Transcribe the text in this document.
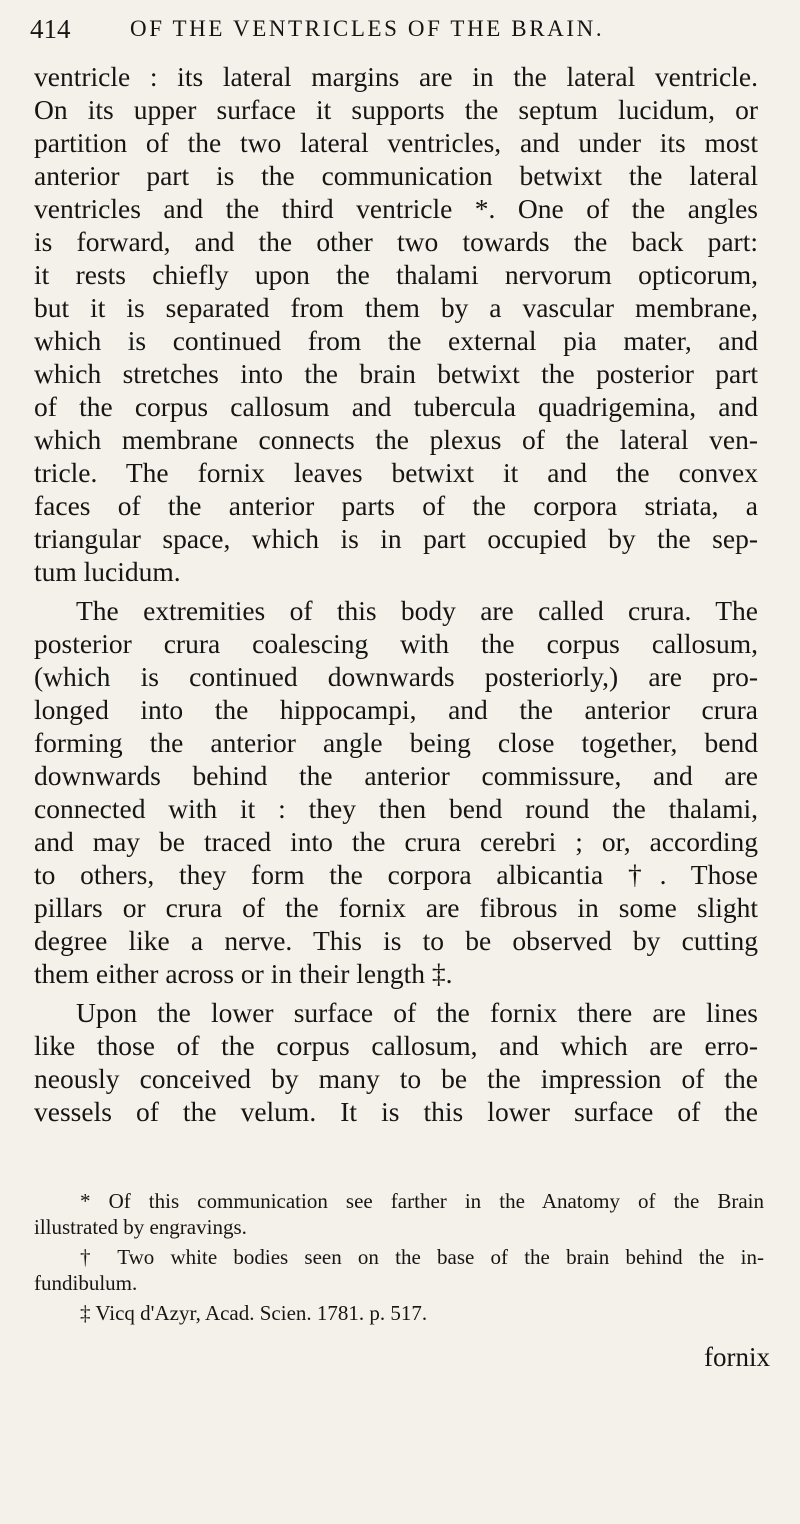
414	OF THE VENTRICLES OF THE BRAIN.
ventricle : its lateral margins are in the lateral ventricle.
On its upper surface it supports the septum lucidum, or
partition of the two lateral ventricles, and under its most
anterior part is the communication betwixt the lateral
ventricles and the third ventricle *. One of the angles
is forward, and the other two towards the back part:
it rests chiefly upon the thalami nervorum opticorum,
but it is separated from them by a vascular membrane,
which is continued from the external pia mater, and
which stretches into the brain betwixt the posterior part
of the corpus callosum and tubercula quadrigemina, and
which membrane connects the plexus of the lateral ven-
tricle. The fornix leaves betwixt it and the convex
faces of the anterior parts of the corpora striata, a
triangular space, which is in part occupied by the sep-
tum lucidum.
The extremities of this body are called crura. The
posterior crura coalescing with the corpus callosum,
(which is continued downwards posteriorly,) are pro-
longed into the hippocampi, and the anterior crura
forming the anterior angle being close together, bend
downwards behind the anterior commissure, and are
connected with it : they then bend round the thalami,
and may be traced into the crura cerebri ; or, according
to others, they form the corpora albicantia †. Those
pillars or crura of the fornix are fibrous in some slight
degree like a nerve. This is to be observed by cutting
them either across or in their length ‡.
Upon the lower surface of the fornix there are lines
like those of the corpus callosum, and which are erro-
neously conceived by many to be the impression of the
vessels of the velum. It is this lower surface of the
* Of this communication see farther in the Anatomy of the Brain
illustrated by engravings.
† Two white bodies seen on the base of the brain behind the in-
fundibulum.
‡ Vicq d'Azyr, Acad. Scien. 1781. p. 517.
fornix
